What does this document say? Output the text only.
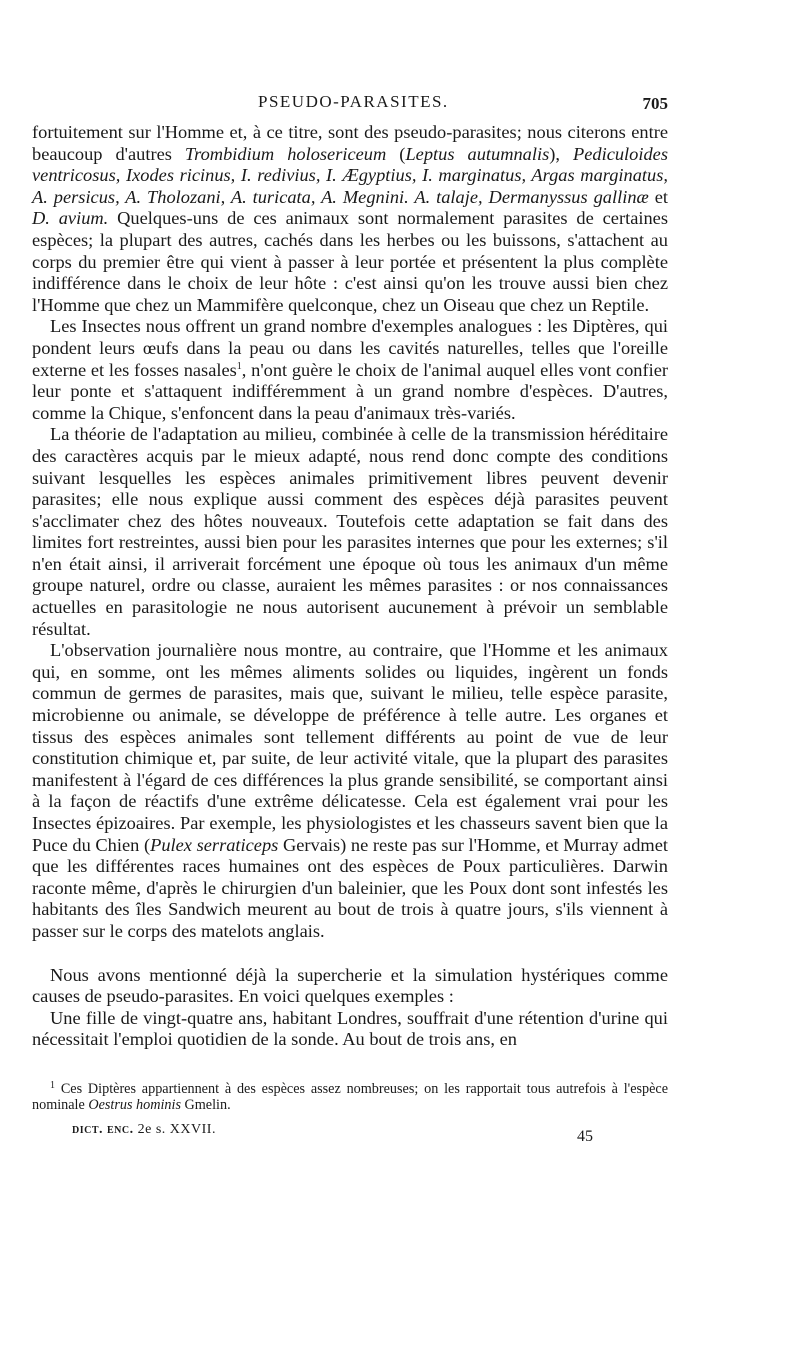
PSEUDO-PARASITES.	705

fortuitement sur l'Homme et, à ce titre, sont des pseudo-parasites; nous citerons entre beaucoup d'autres Trombidium holosericeum (Leptus autumnalis), Pediculoides ventricosus, Ixodes ricinus, I. redivius, I. Ægyptius, I. marginatus, Argas marginatus, A. persicus, A. Tholozani, A. turicata, A. Megnini. A. talaje, Dermanyssus gallinæ et D. avium. Quelques-uns de ces animaux sont normalement parasites de certaines espèces; la plupart des autres, cachés dans les herbes ou les buissons, s'attachent au corps du premier être qui vient à passer à leur portée et présentent la plus complète indifférence dans le choix de leur hôte : c'est ainsi qu'on les trouve aussi bien chez l'Homme que chez un Mammifère quelconque, chez un Oiseau que chez un Reptile.

Les Insectes nous offrent un grand nombre d'exemples analogues : les Diptères, qui pondent leurs œufs dans la peau ou dans les cavités naturelles, telles que l'oreille externe et les fosses nasales$^1$, n'ont guère le choix de l'animal auquel elles vont confier leur ponte et s'attaquent indifféremment à un grand nombre d'espèces. D'autres, comme la Chique, s'enfoncent dans la peau d'animaux très-variés.

La théorie de l'adaptation au milieu, combinée à celle de la transmission héréditaire des caractères acquis par le mieux adapté, nous rend donc compte des conditions suivant lesquelles les espèces animales primitivement libres peuvent devenir parasites; elle nous explique aussi comment des espèces déjà parasites peuvent s'acclimater chez des hôtes nouveaux. Toutefois cette adaptation se fait dans des limites fort restreintes, aussi bien pour les parasites internes que pour les externes; s'il n'en était ainsi, il arriverait forcément une époque où tous les animaux d'un même groupe naturel, ordre ou classe, auraient les mêmes parasites : or nos connaissances actuelles en parasitologie ne nous autorisent aucunement à prévoir un semblable résultat.

L'observation journalière nous montre, au contraire, que l'Homme et les animaux qui, en somme, ont les mêmes aliments solides ou liquides, ingèrent un fonds commun de germes de parasites, mais que, suivant le milieu, telle espèce parasite, microbienne ou animale, se développe de préférence à telle autre. Les organes et tissus des espèces animales sont tellement différents au point de vue de leur constitution chimique et, par suite, de leur activité vitale, que la plupart des parasites manifestent à l'égard de ces différences la plus grande sensibilité, se comportant ainsi à la façon de réactifs d'une extrême délicatesse. Cela est également vrai pour les Insectes épizoaires. Par exemple, les physiologistes et les chasseurs savent bien que la Puce du Chien (Pulex serraticeps Gervais) ne reste pas sur l'Homme, et Murray admet que les différentes races humaines ont des espèces de Poux particulières. Darwin raconte même, d'après le chirurgien d'un baleinier, que les Poux dont sont infestés les habitants des îles Sandwich meurent au bout de trois à quatre jours, s'ils viennent à passer sur le corps des matelots anglais.

Nous avons mentionné déjà la supercherie et la simulation hystériques comme causes de pseudo-parasites. En voici quelques exemples :

Une fille de vingt-quatre ans, habitant Londres, souffrait d'une rétention d'urine qui nécessitait l'emploi quotidien de la sonde. Au bout de trois ans, en

$^1$ Ces Diptères appartiennent à des espèces assez nombreuses; on les rapportait tous autrefois à l'espèce nominale Oestrus hominis Gmelin.
dict. enc. 2e s. XXVII.	45
